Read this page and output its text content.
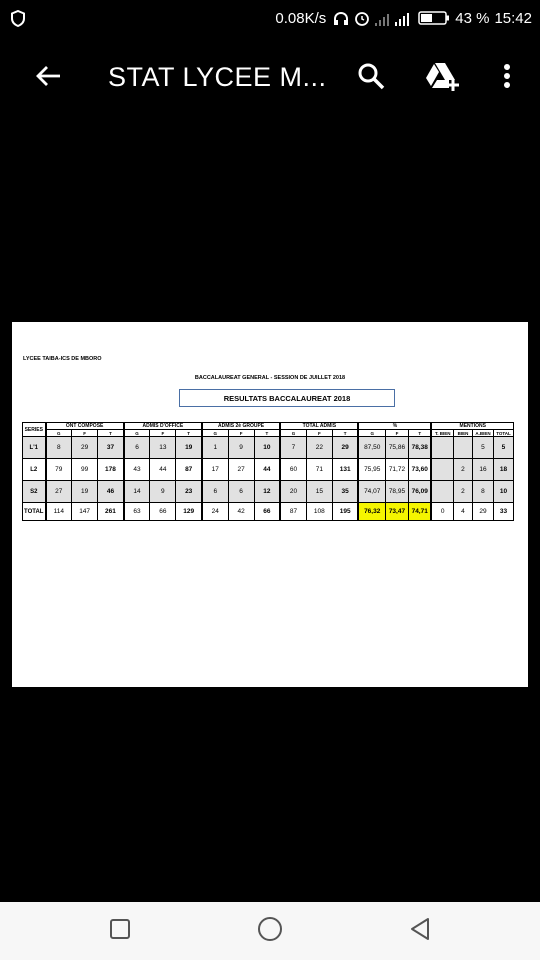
0.08K/s	43 % 15:42
STAT LYCEE M...
LYCEE TAIBA-ICS DE MBORO
BACCALAUREAT GENERAL - SESSION DE JUILLET 2018
RESULTATS BACCALAUREAT 2018
SERIES	ONT COMPOSE			ADMIS D'OFFICE			ADMIS 2è GROUPE			TOTAL ADMIS			%			MENTIONS			
	G	F	T	G	F	T	G	F	T	G	F	T	G	F	T	T. BIEN	BIEN	A.BIEN	TOTAL
L'1	8	29	37	6	13	19	1	9	10	7	22	29	87,50	75,86	78,38			5	5
L2	79	99	178	43	44	87	17	27	44	60	71	131	75,95	71,72	73,60		2	16	18
S2	27	19	46	14	9	23	6	6	12	20	15	35	74,07	78,95	76,09		2	8	10
TOTAL	114	147	261	63	66	129	24	42	66	87	108	195	76,32	73,47	74,71	0	4	29	33
